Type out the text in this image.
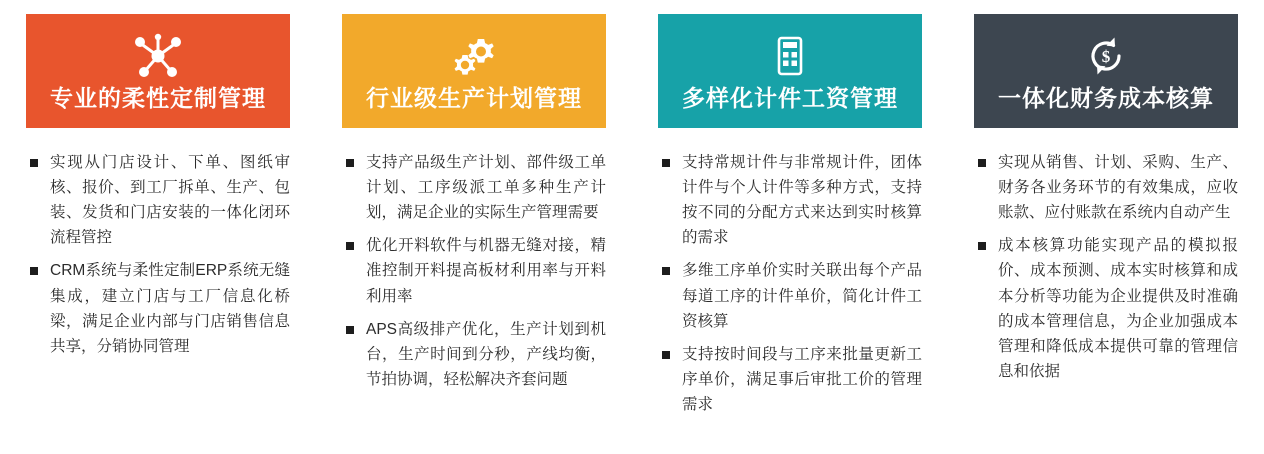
专业的柔性定制管理
实现从门店设计、下单、图纸审核、报价、到工厂拆单、生产、包装、发货和门店安装的一体化闭环流程管控
CRM系统与柔性定制ERP系统无缝集成，建立门店与工厂信息化桥梁，满足企业内部与门店销售信息共享，分销协同管理
行业级生产计划管理
支持产品级生产计划、部件级工单计划、工序级派工单多种生产计划，满足企业的实际生产管理需要
优化开料软件与机器无缝对接，精准控制开料提高板材利用率与开料利用率
APS高级排产优化，生产计划到机台，生产时间到分秒，产线均衡，节拍协调，轻松解决齐套问题
多样化计件工资管理
支持常规计件与非常规计件，团体计件与个人计件等多种方式，支持按不同的分配方式来达到实时核算的需求
多维工序单价实时关联出每个产品每道工序的计件单价，简化计件工资核算
支持按时间段与工序来批量更新工序单价，满足事后审批工价的管理需求
$
一体化财务成本核算
实现从销售、计划、采购、生产、财务各业务环节的有效集成，应收账款、应付账款在系统内自动产生
成本核算功能实现产品的模拟报价、成本预测、成本实时核算和成本分析等功能为企业提供及时准确的成本管理信息，为企业加强成本管理和降低成本提供可靠的管理信息和依据
